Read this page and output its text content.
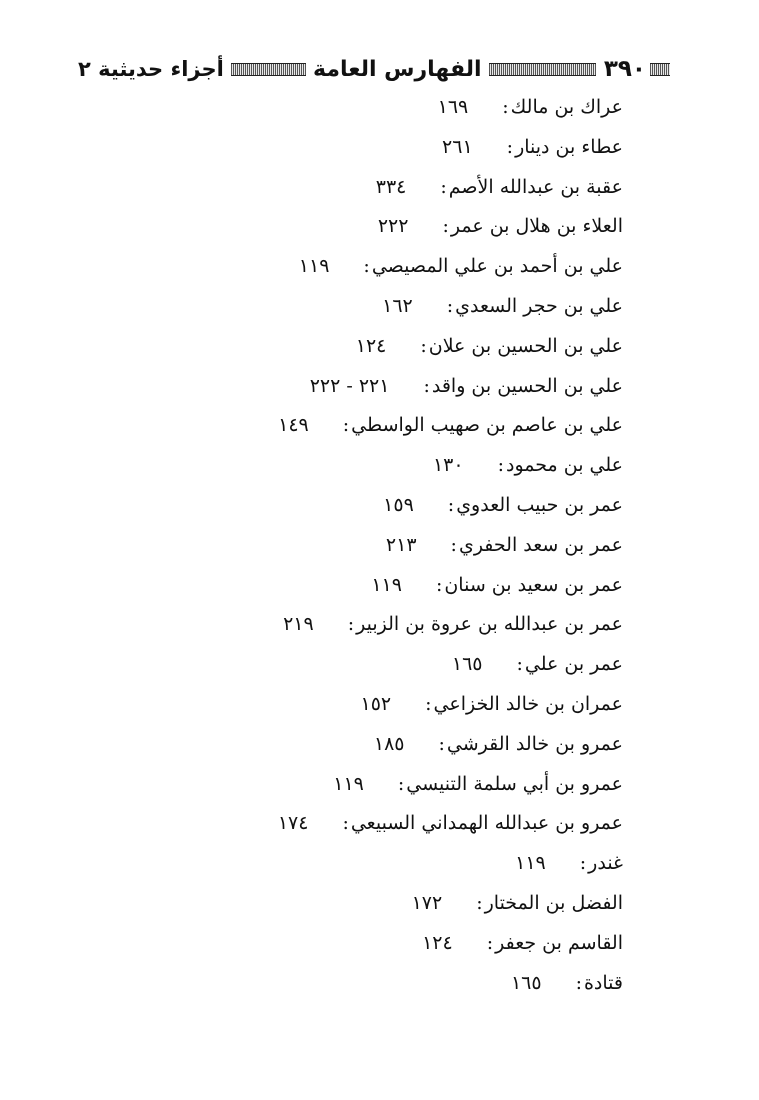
٣٩٠
الفهارس العامة
أجزاء حديثية ٢
عراك بن مالك:١٦٩
عطاء بن دينار:٢٦١
عقبة بن عبدالله الأصم:٣٣٤
العلاء بن هلال بن عمر:٢٢٢
علي بن أحمد بن علي المصيصي:١١٩
علي بن حجر السعدي:١٦٢
علي بن الحسين بن علان:١٢٤
علي بن الحسين بن واقد:٢٢١ - ٢٢٢
علي بن عاصم بن صهيب الواسطي:١٤٩
علي بن محمود:١٣٠
عمر بن حبيب العدوي:١٥٩
عمر بن سعد الحفري:٢١٣
عمر بن سعيد بن سنان:١١٩
عمر بن عبدالله بن عروة بن الزبير:٢١٩
عمر بن علي:١٦٥
عمران بن خالد الخزاعي:١٥٢
عمرو بن خالد القرشي:١٨٥
عمرو بن أبي سلمة التنيسي:١١٩
عمرو بن عبدالله الهمداني السبيعي:١٧٤
غندر:١١٩
الفضل بن المختار:١٧٢
القاسم بن جعفر:١٢٤
قتادة:١٦٥
